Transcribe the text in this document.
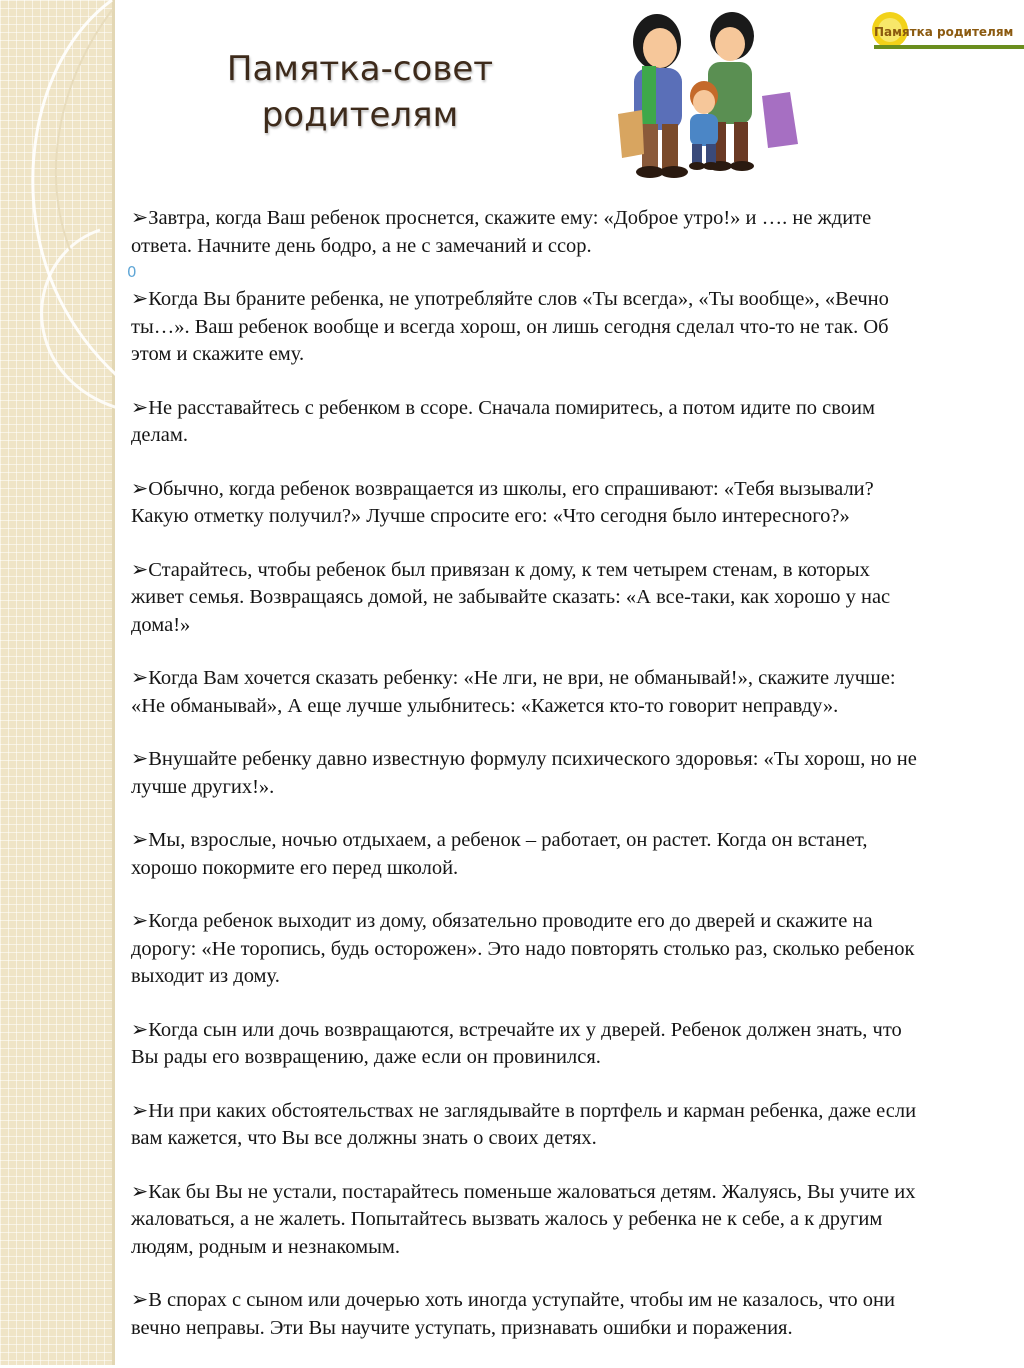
Памятка-совет
родителям
Памятка родителям
0
➢Завтра, когда Ваш ребенок проснется, скажите ему: «Доброе утро!» и …. не ждите
ответа. Начните день бодро, а не с замечаний и ссор.
➢Когда Вы браните ребенка, не употребляйте слов «Ты всегда», «Ты вообще», «Вечно
ты…». Ваш ребенок вообще и всегда хорош, он лишь сегодня сделал что-то не так. Об
этом и скажите ему.
➢Не расставайтесь с ребенком в ссоре. Сначала помиритесь, а потом идите по своим
делам.
➢Обычно, когда ребенок возвращается из школы, его спрашивают: «Тебя вызывали?
Какую отметку получил?» Лучше спросите его: «Что сегодня было интересного?»
➢Старайтесь, чтобы ребенок был привязан к дому, к тем четырем стенам, в которых
живет семья. Возвращаясь домой, не забывайте сказать: «А все-таки, как хорошо у нас
дома!»
➢Когда Вам хочется сказать ребенку: «Не лги, не ври, не обманывай!», скажите лучше:
«Не обманывай», А еще лучше улыбнитесь: «Кажется кто-то говорит неправду».
➢Внушайте ребенку давно известную формулу психического здоровья: «Ты хорош, но не
лучше других!».
➢Мы, взрослые, ночью отдыхаем, а ребенок – работает, он растет. Когда он встанет,
хорошо покормите его перед школой.
➢Когда ребенок выходит из дому, обязательно проводите его до дверей и скажите на
дорогу: «Не торопись, будь осторожен». Это надо повторять столько раз, сколько ребенок
выходит из дому.
➢Когда сын или дочь возвращаются, встречайте их у дверей. Ребенок должен знать, что
Вы рады его возвращению, даже если он провинился.
➢Ни при каких обстоятельствах не заглядывайте в портфель и карман ребенка, даже если
вам кажется, что Вы все должны знать о своих детях.
➢Как бы Вы не устали, постарайтесь поменьше жаловаться детям. Жалуясь, Вы учите их
жаловаться, а не жалеть. Попытайтесь вызвать жалось у ребенка не к себе, а к другим
людям, родным и незнакомым.
➢В спорах с сыном или дочерью хоть иногда уступайте, чтобы им не казалось, что они
вечно неправы. Эти Вы научите уступать, признавать ошибки и поражения.
